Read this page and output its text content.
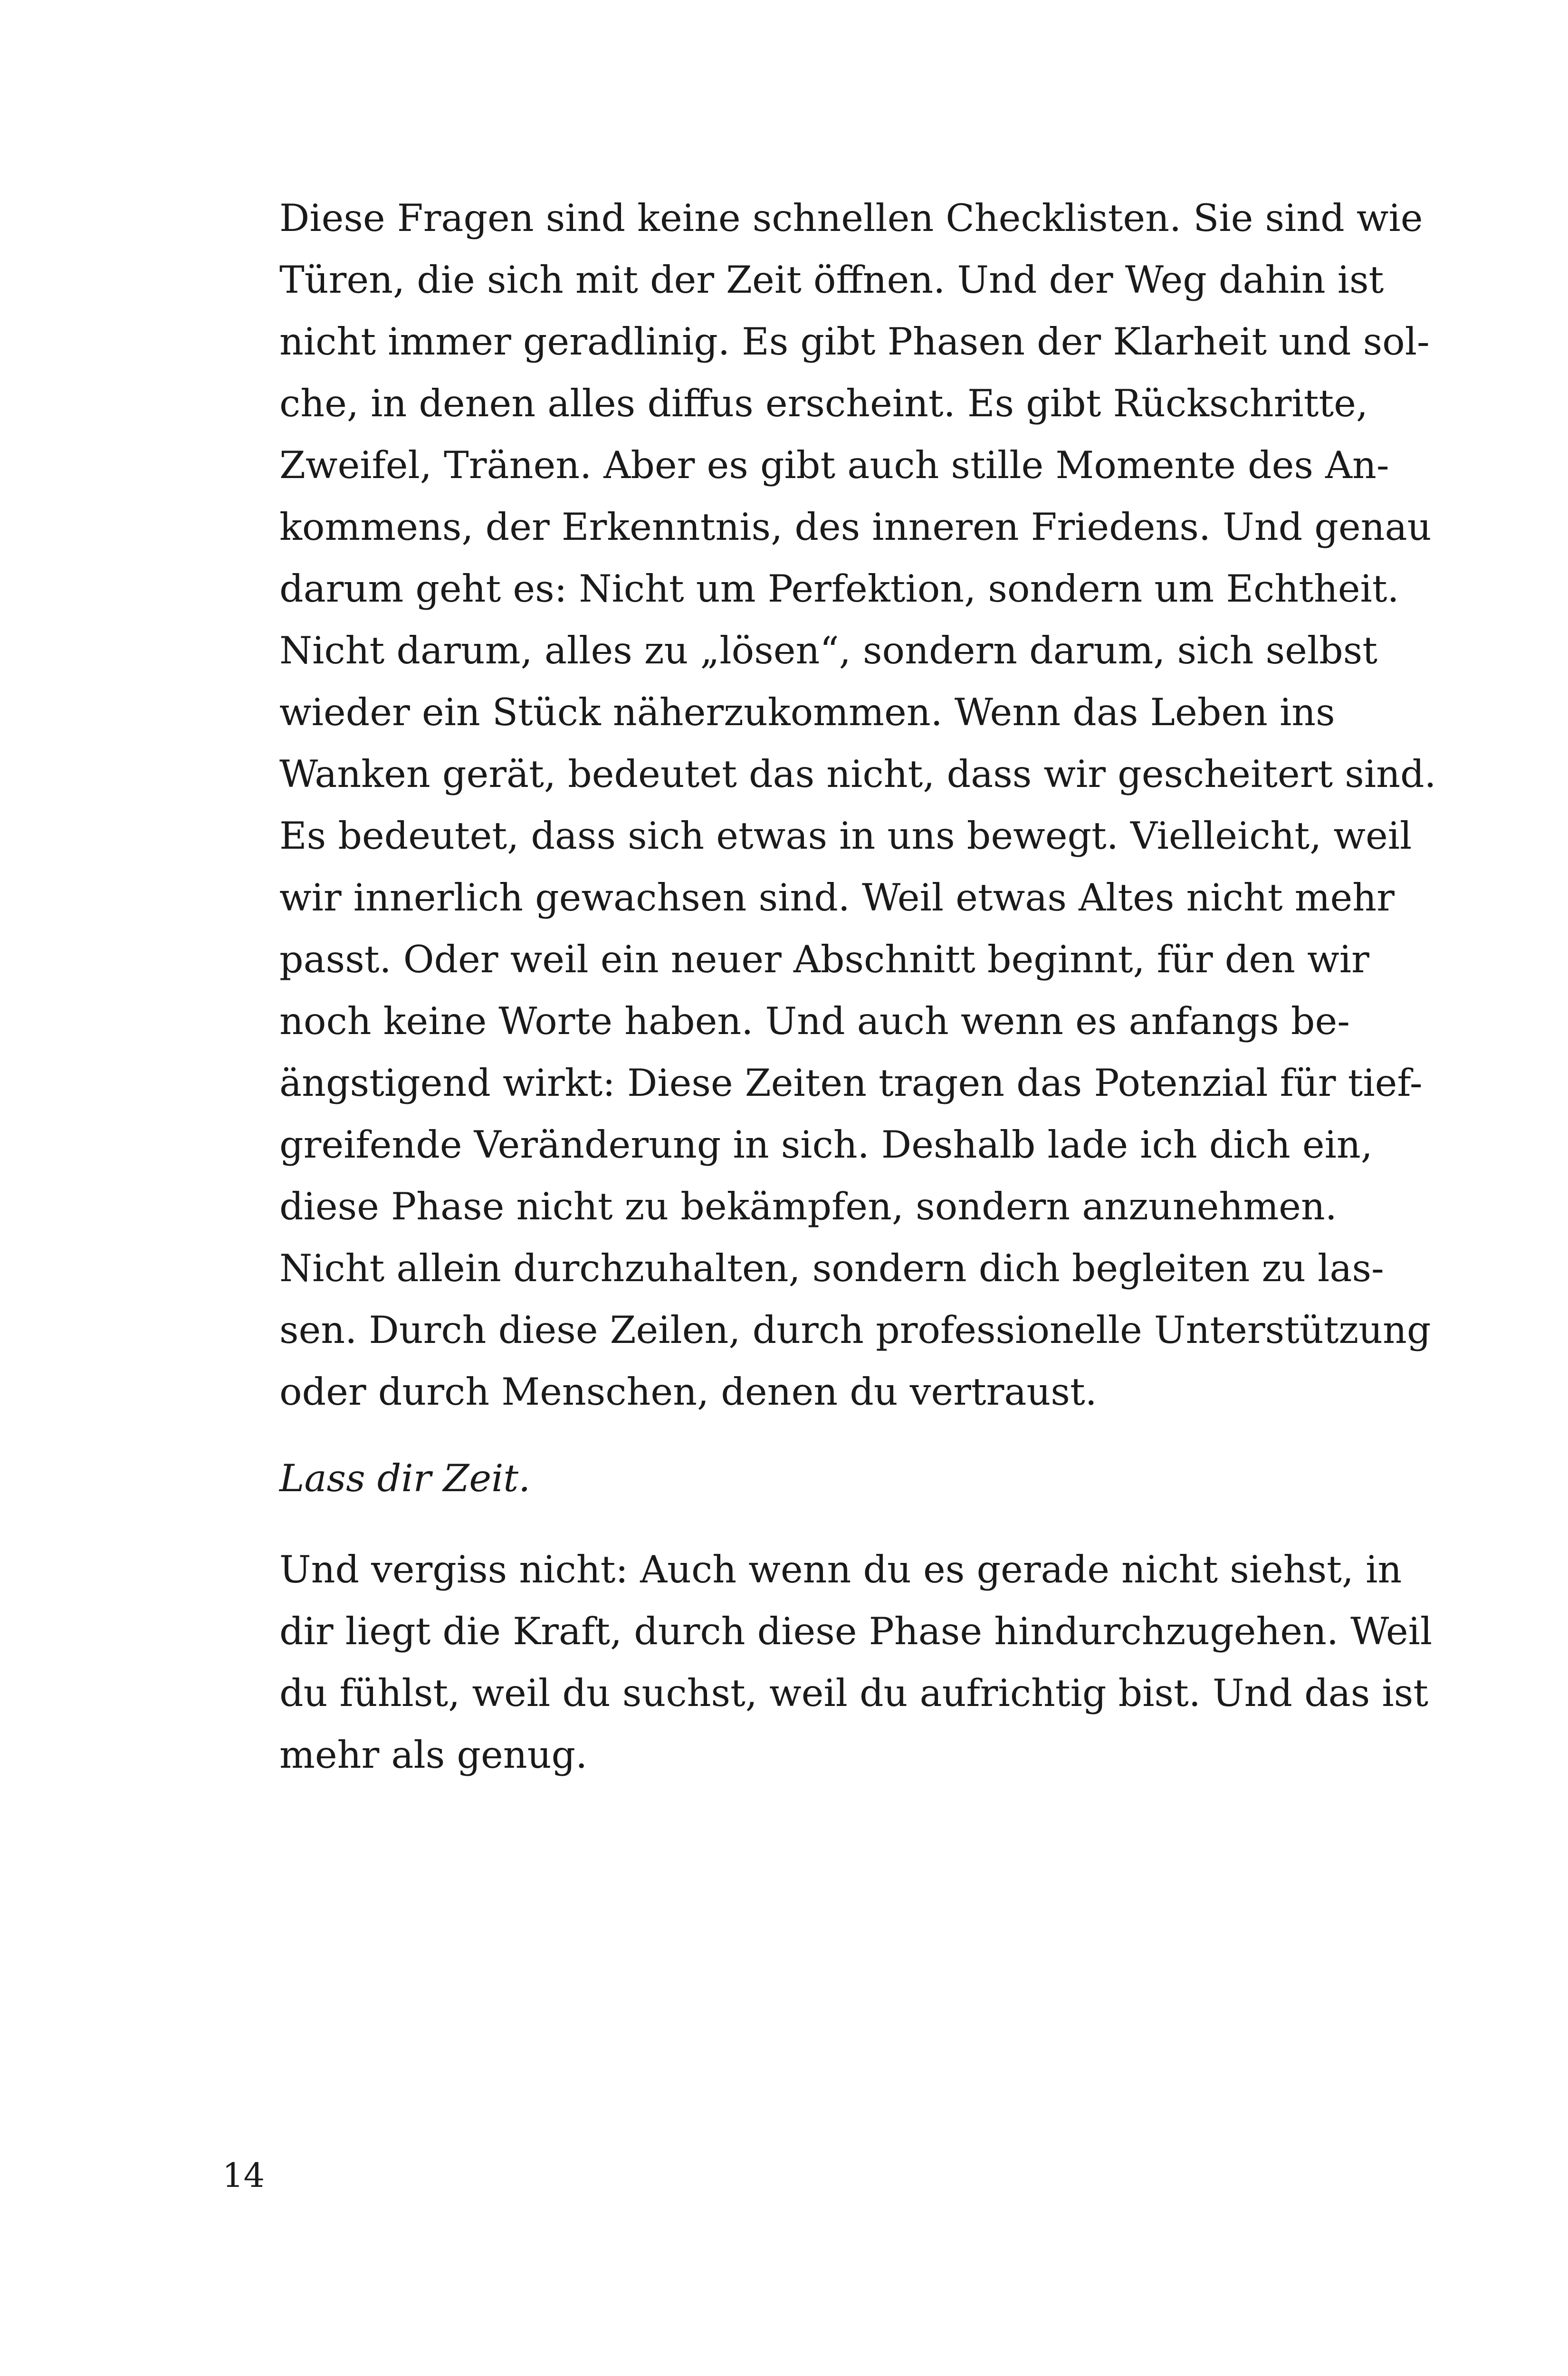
Diese Fragen sind keine schnellen Checklisten. Sie sind wie
Türen, die sich mit der Zeit öffnen. Und der Weg dahin ist
nicht immer geradlinig. Es gibt Phasen der Klarheit und sol-
che, in denen alles diffus erscheint. Es gibt Rückschritte,
Zweifel, Tränen. Aber es gibt auch stille Momente des An-
kommens, der Erkenntnis, des inneren Friedens. Und genau
darum geht es: Nicht um Perfektion, sondern um Echtheit.
Nicht darum, alles zu „lösen“, sondern darum, sich selbst
wieder ein Stück näherzukommen. Wenn das Leben ins
Wanken gerät, bedeutet das nicht, dass wir gescheitert sind.
Es bedeutet, dass sich etwas in uns bewegt. Vielleicht, weil
wir innerlich gewachsen sind. Weil etwas Altes nicht mehr
passt. Oder weil ein neuer Abschnitt beginnt, für den wir
noch keine Worte haben. Und auch wenn es anfangs be-
ängstigend wirkt: Diese Zeiten tragen das Potenzial für tief-
greifende Veränderung in sich. Deshalb lade ich dich ein,
diese Phase nicht zu bekämpfen, sondern anzunehmen.
Nicht allein durchzuhalten, sondern dich begleiten zu las-
sen. Durch diese Zeilen, durch professionelle Unterstützung
oder durch Menschen, denen du vertraust.
Lass dir Zeit.
Und vergiss nicht: Auch wenn du es gerade nicht siehst, in
dir liegt die Kraft, durch diese Phase hindurchzugehen. Weil
du fühlst, weil du suchst, weil du aufrichtig bist. Und das ist
mehr als genug.

14
